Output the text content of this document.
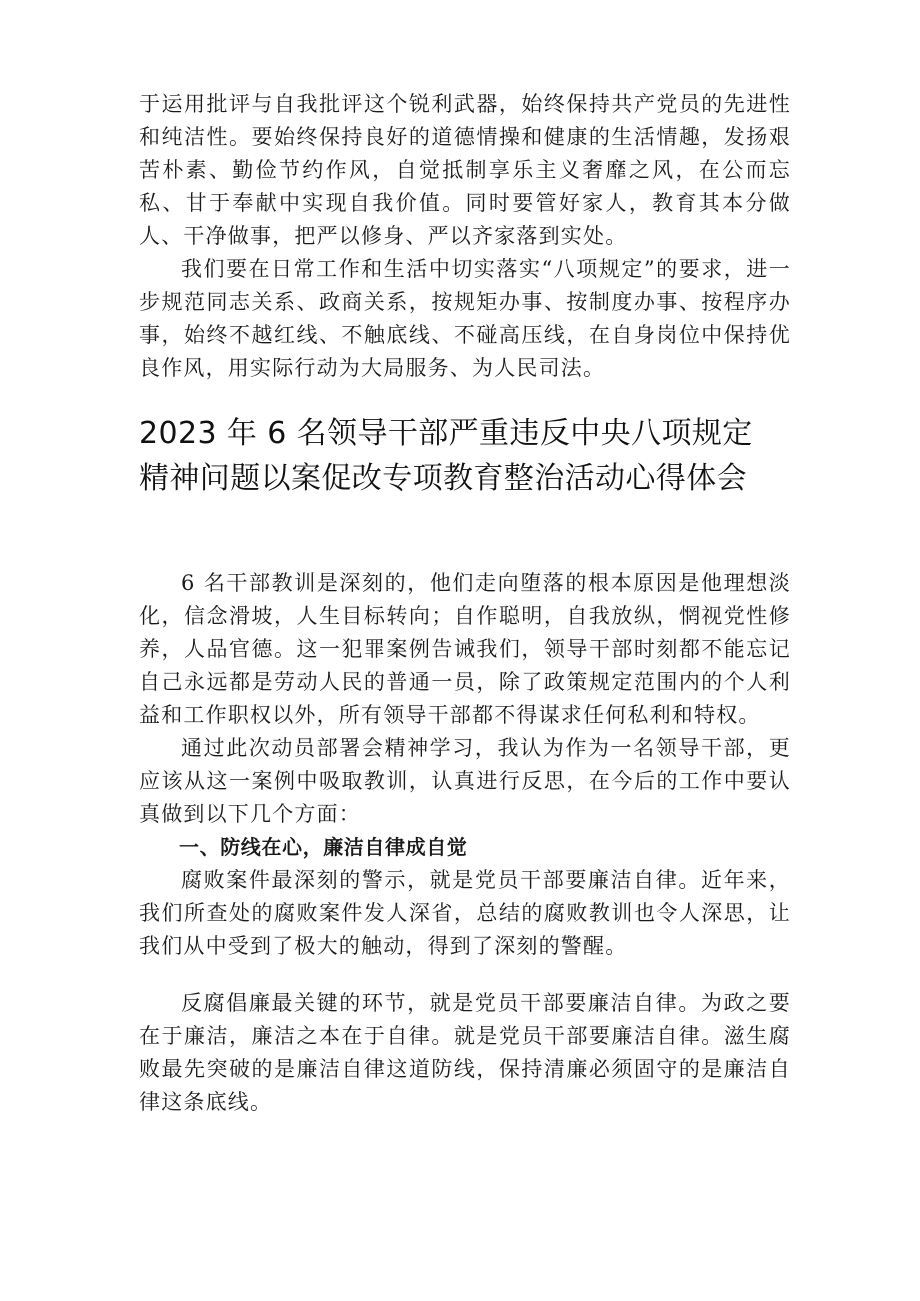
于运用批评与自我批评这个锐利武器，始终保持共产党员的先进性和纯洁性。要始终保持良好的道德情操和健康的生活情趣，发扬艰苦朴素、勤俭节约作风，自觉抵制享乐主义奢靡之风，在公而忘私、甘于奉献中实现自我价值。同时要管好家人，教育其本分做人、干净做事，把严以修身、严以齐家落到实处。

我们要在日常工作和生活中切实落实“八项规定”的要求，进一步规范同志关系、政商关系，按规矩办事、按制度办事、按程序办事，始终不越红线、不触底线、不碰高压线，在自身岗位中保持优良作风，用实际行动为大局服务、为人民司法。

2023 年 6 名领导干部严重违反中央八项规定
精神问题以案促改专项教育整治活动心得体会

6 名干部教训是深刻的，他们走向堕落的根本原因是他理想淡化，信念滑坡，人生目标转向；自作聪明，自我放纵，惘视党性修养，人品官德。这一犯罪案例告诫我们，领导干部时刻都不能忘记自己永远都是劳动人民的普通一员，除了政策规定范围内的个人利益和工作职权以外，所有领导干部都不得谋求任何私利和特权。

通过此次动员部署会精神学习，我认为作为一名领导干部，更应该从这一案例中吸取教训，认真进行反思，在今后的工作中要认真做到以下几个方面：

一、防线在心，廉洁自律成自觉

腐败案件最深刻的警示，就是党员干部要廉洁自律。近年来，我们所查处的腐败案件发人深省，总结的腐败教训也令人深思，让我们从中受到了极大的触动，得到了深刻的警醒。

反腐倡廉最关键的环节，就是党员干部要廉洁自律。为政之要在于廉洁，廉洁之本在于自律。就是党员干部要廉洁自律。滋生腐败最先突破的是廉洁自律这道防线，保持清廉必须固守的是廉洁自律这条底线。
